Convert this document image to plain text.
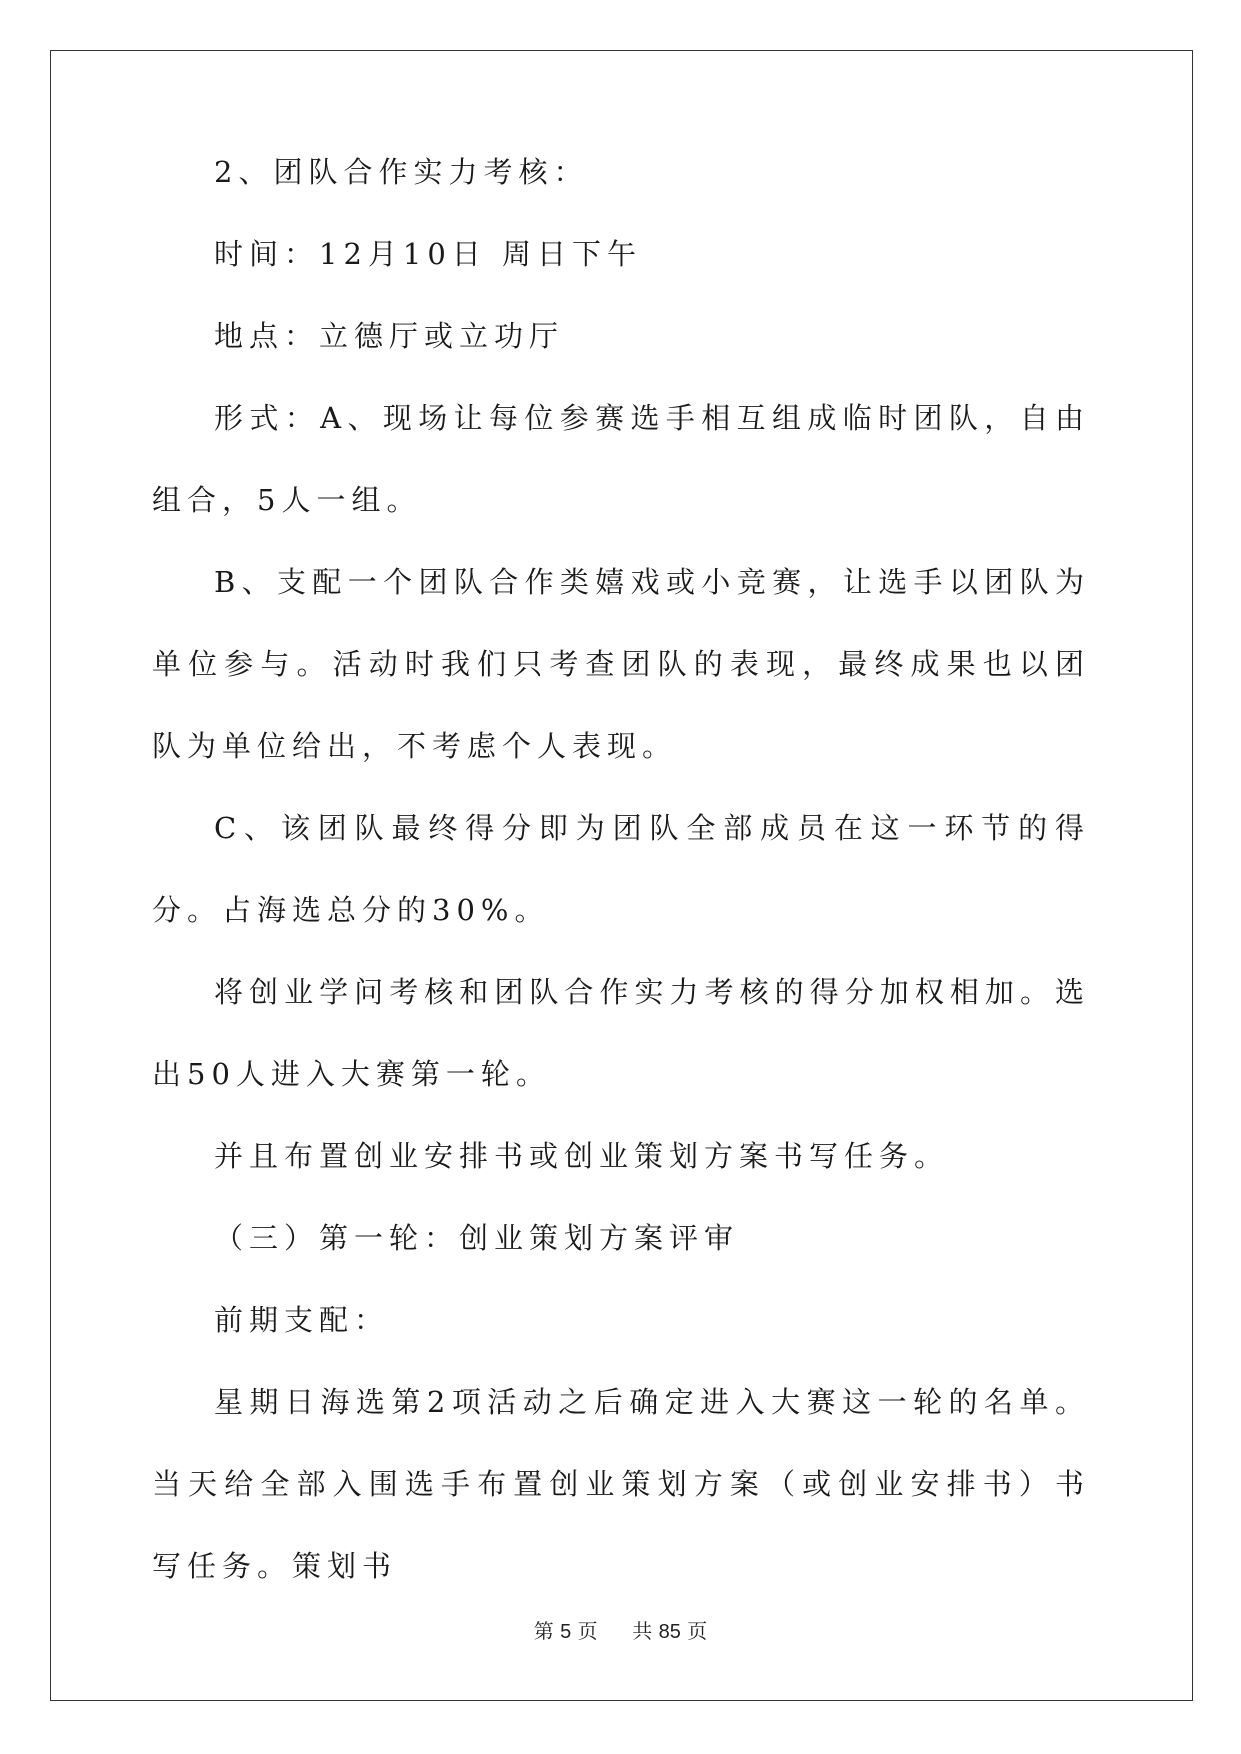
2、团队合作实力考核：

时间：12月10日 周日下午

地点：立德厅或立功厅

形式：A、现场让每位参赛选手相互组成临时团队，自由组合，5人一组。

B、支配一个团队合作类嬉戏或小竞赛，让选手以团队为单位参与。活动时我们只考查团队的表现，最终成果也以团队为单位给出，不考虑个人表现。

C、该团队最终得分即为团队全部成员在这一环节的得分。占海选总分的30%。

将创业学问考核和团队合作实力考核的得分加权相加。选出50人进入大赛第一轮。

并且布置创业安排书或创业策划方案书写任务。

（三）第一轮：创业策划方案评审

前期支配：

星期日海选第2项活动之后确定进入大赛这一轮的名单。当天给全部入围选手布置创业策划方案（或创业安排书）书写任务。策划书

第 5 页 共 85 页
